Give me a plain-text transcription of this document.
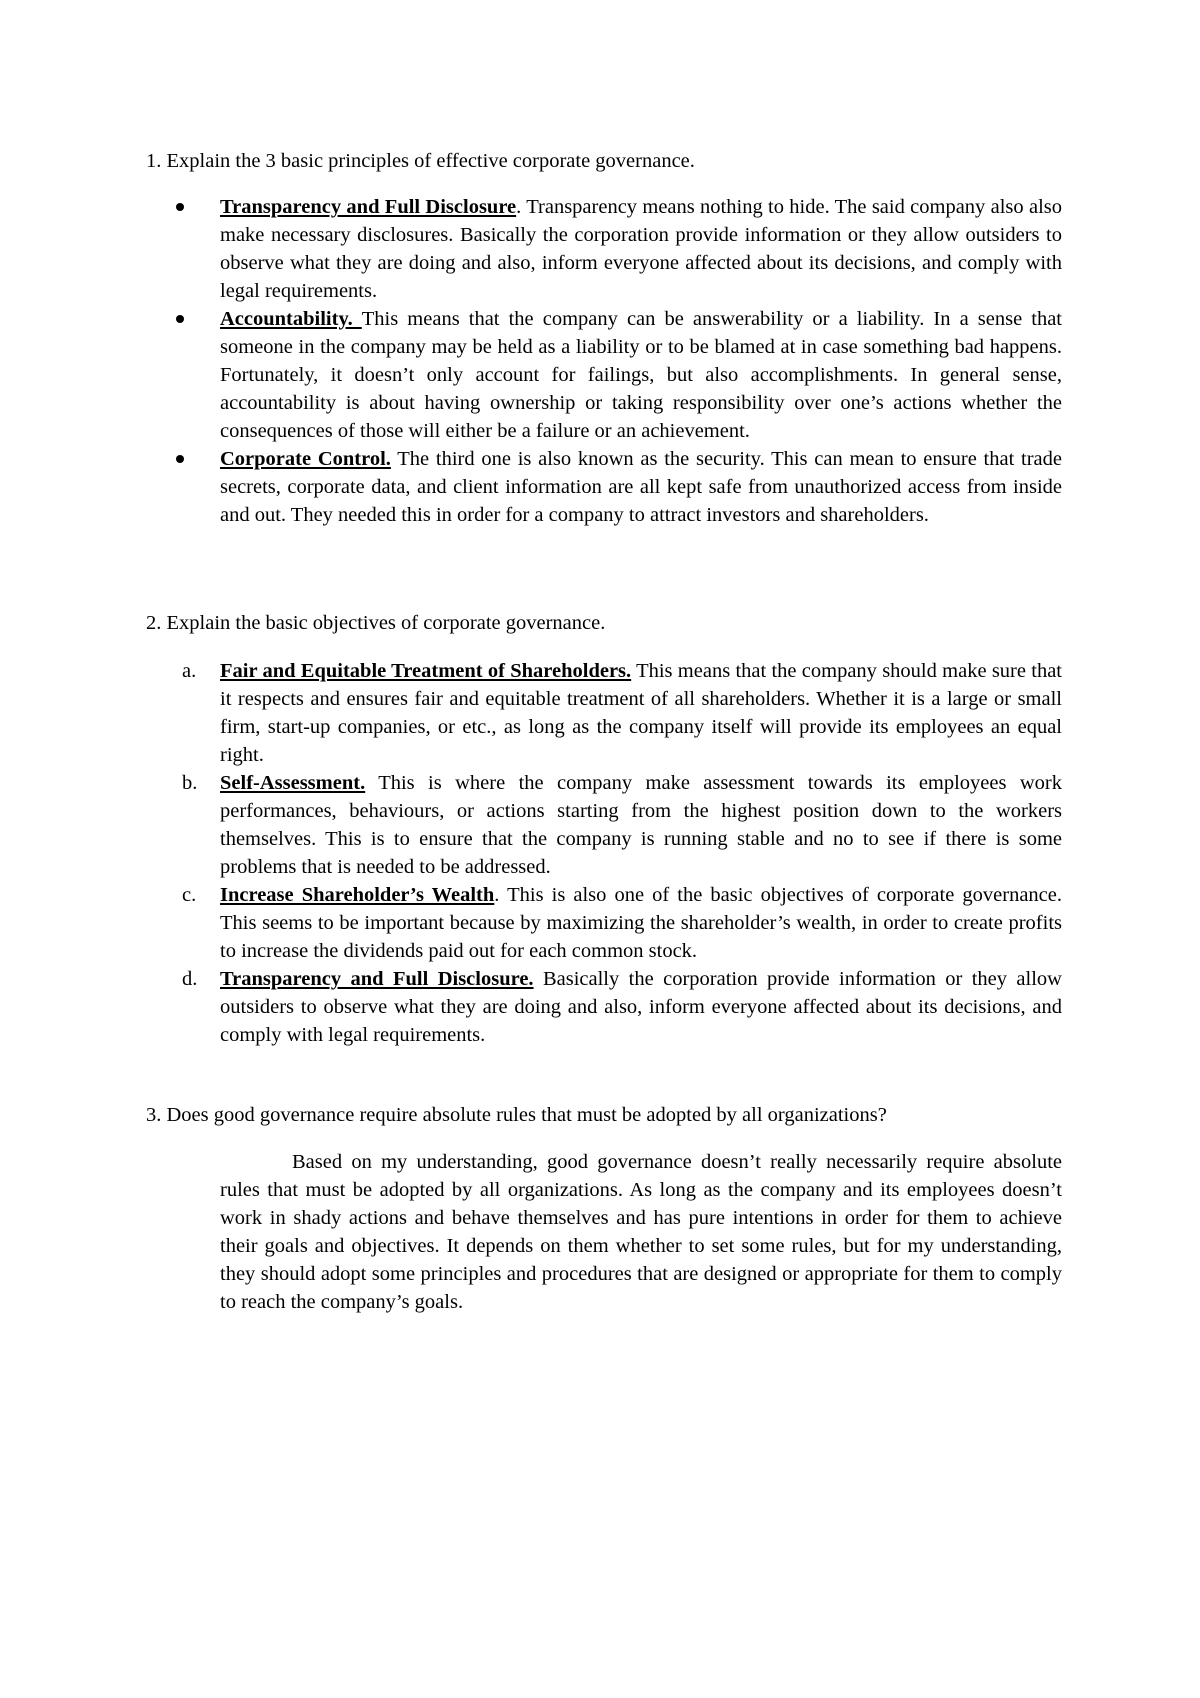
1. Explain the 3 basic principles of effective corporate governance.
Transparency and Full Disclosure. Transparency means nothing to hide. The said company also also make necessary disclosures. Basically the corporation provide information or they allow outsiders to observe what they are doing and also, inform everyone affected about its decisions, and comply with legal requirements.
Accountability. This means that the company can be answerability or a liability. In a sense that someone in the company may be held as a liability or to be blamed at in case something bad happens. Fortunately, it doesn’t only account for failings, but also accomplishments. In general sense, accountability is about having ownership or taking responsibility over one’s actions whether the consequences of those will either be a failure or an achievement.
Corporate Control. The third one is also known as the security. This can mean to ensure that trade secrets, corporate data, and client information are all kept safe from unauthorized access from inside and out. They needed this in order for a company to attract investors and shareholders.
2. Explain the basic objectives of corporate governance.
a.	Fair and Equitable Treatment of Shareholders. This means that the company should make sure that it respects and ensures fair and equitable treatment of all shareholders. Whether it is a large or small firm, start-up companies, or etc., as long as the company itself will provide its employees an equal right.
b.	Self-Assessment. This is where the company make assessment towards its employees work performances, behaviours, or actions starting from the highest position down to the workers themselves. This is to ensure that the company is running stable and no to see if there is some problems that is needed to be addressed.
c.	Increase Shareholder’s Wealth. This is also one of the basic objectives of corporate governance. This seems to be important because by maximizing the shareholder’s wealth, in order to create profits to increase the dividends paid out for each common stock.
d.	Transparency and Full Disclosure. Basically the corporation provide information or they allow outsiders to observe what they are doing and also, inform everyone affected about its decisions, and comply with legal requirements.
3. Does good governance require absolute rules that must be adopted by all organizations?
Based on my understanding, good governance doesn’t really necessarily require absolute rules that must be adopted by all organizations. As long as the company and its employees doesn’t work in shady actions and behave themselves and has pure intentions in order for them to achieve their goals and objectives. It depends on them whether to set some rules, but for my understanding, they should adopt some principles and procedures that are designed or appropriate for them to comply to reach the company’s goals.
